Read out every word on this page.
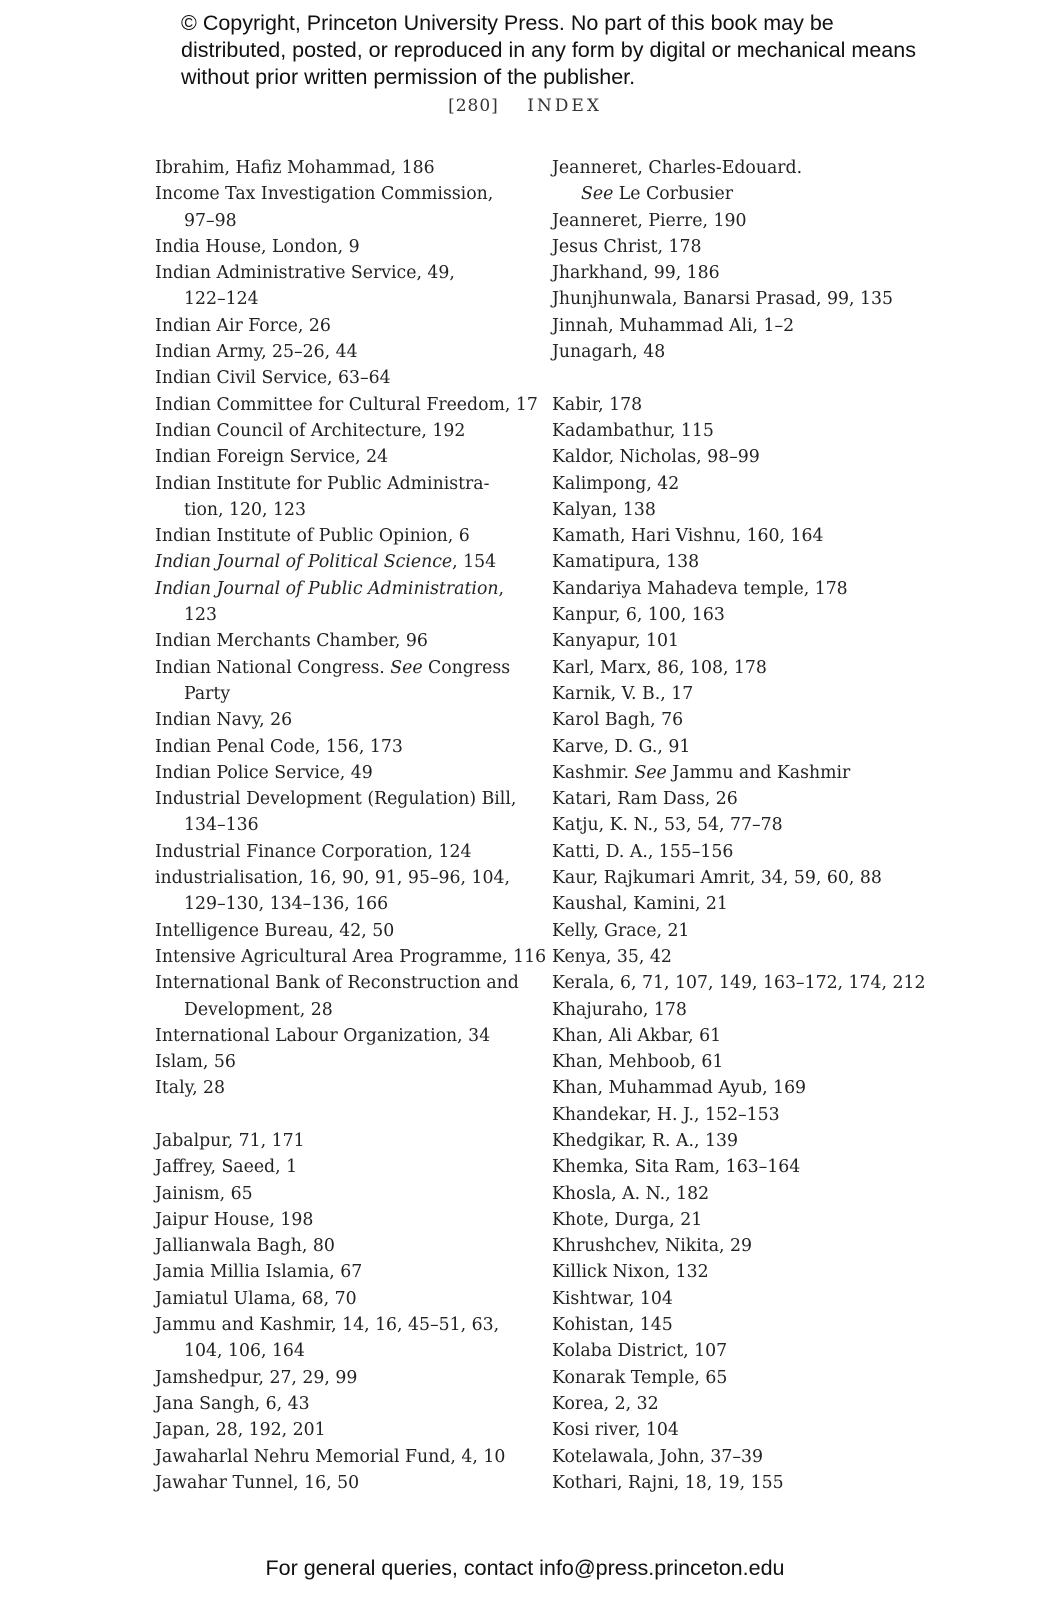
© Copyright, Princeton University Press. No part of this book may be distributed, posted, or reproduced in any form by digital or mechanical means without prior written permission of the publisher.
[280] INDEX
Ibrahim, Hafiz Mohammad, 186
Income Tax Investigation Commission,
97–98
India House, London, 9
Indian Administrative Service, 49,
122–124
Indian Air Force, 26
Indian Army, 25–26, 44
Indian Civil Service, 63–64
Indian Committee for Cultural Freedom, 17
Indian Council of Architecture, 192
Indian Foreign Service, 24
Indian Institute for Public Administra-
tion, 120, 123
Indian Institute of Public Opinion, 6
Indian Journal of Political Science, 154
Indian Journal of Public Administration,
123
Indian Merchants Chamber, 96
Indian National Congress. See Congress
Party
Indian Navy, 26
Indian Penal Code, 156, 173
Indian Police Service, 49
Industrial Development (Regulation) Bill,
134–136
Industrial Finance Corporation, 124
industrialisation, 16, 90, 91, 95–96, 104,
129–130, 134–136, 166
Intelligence Bureau, 42, 50
Intensive Agricultural Area Programme, 116
International Bank of Reconstruction and
Development, 28
International Labour Organization, 34
Islam, 56
Italy, 28
Jabalpur, 71, 171
Jaffrey, Saeed, 1
Jainism, 65
Jaipur House, 198
Jallianwala Bagh, 80
Jamia Millia Islamia, 67
Jamiatul Ulama, 68, 70
Jammu and Kashmir, 14, 16, 45–51, 63,
104, 106, 164
Jamshedpur, 27, 29, 99
Jana Sangh, 6, 43
Japan, 28, 192, 201
Jawaharlal Nehru Memorial Fund, 4, 10
Jawahar Tunnel, 16, 50
Jeanneret, Charles-Edouard.
See Le Corbusier
Jeanneret, Pierre, 190
Jesus Christ, 178
Jharkhand, 99, 186
Jhunjhunwala, Banarsi Prasad, 99, 135
Jinnah, Muhammad Ali, 1–2
Junagarh, 48
Kabir, 178
Kadambathur, 115
Kaldor, Nicholas, 98–99
Kalimpong, 42
Kalyan, 138
Kamath, Hari Vishnu, 160, 164
Kamatipura, 138
Kandariya Mahadeva temple, 178
Kanpur, 6, 100, 163
Kanyapur, 101
Karl, Marx, 86, 108, 178
Karnik, V. B., 17
Karol Bagh, 76
Karve, D. G., 91
Kashmir. See Jammu and Kashmir
Katari, Ram Dass, 26
Katju, K. N., 53, 54, 77–78
Katti, D. A., 155–156
Kaur, Rajkumari Amrit, 34, 59, 60, 88
Kaushal, Kamini, 21
Kelly, Grace, 21
Kenya, 35, 42
Kerala, 6, 71, 107, 149, 163–172, 174, 212
Khajuraho, 178
Khan, Ali Akbar, 61
Khan, Mehboob, 61
Khan, Muhammad Ayub, 169
Khandekar, H. J., 152–153
Khedgikar, R. A., 139
Khemka, Sita Ram, 163–164
Khosla, A. N., 182
Khote, Durga, 21
Khrushchev, Nikita, 29
Killick Nixon, 132
Kishtwar, 104
Kohistan, 145
Kolaba District, 107
Konarak Temple, 65
Korea, 2, 32
Kosi river, 104
Kotelawala, John, 37–39
Kothari, Rajni, 18, 19, 155
For general queries, contact info@press.princeton.edu
